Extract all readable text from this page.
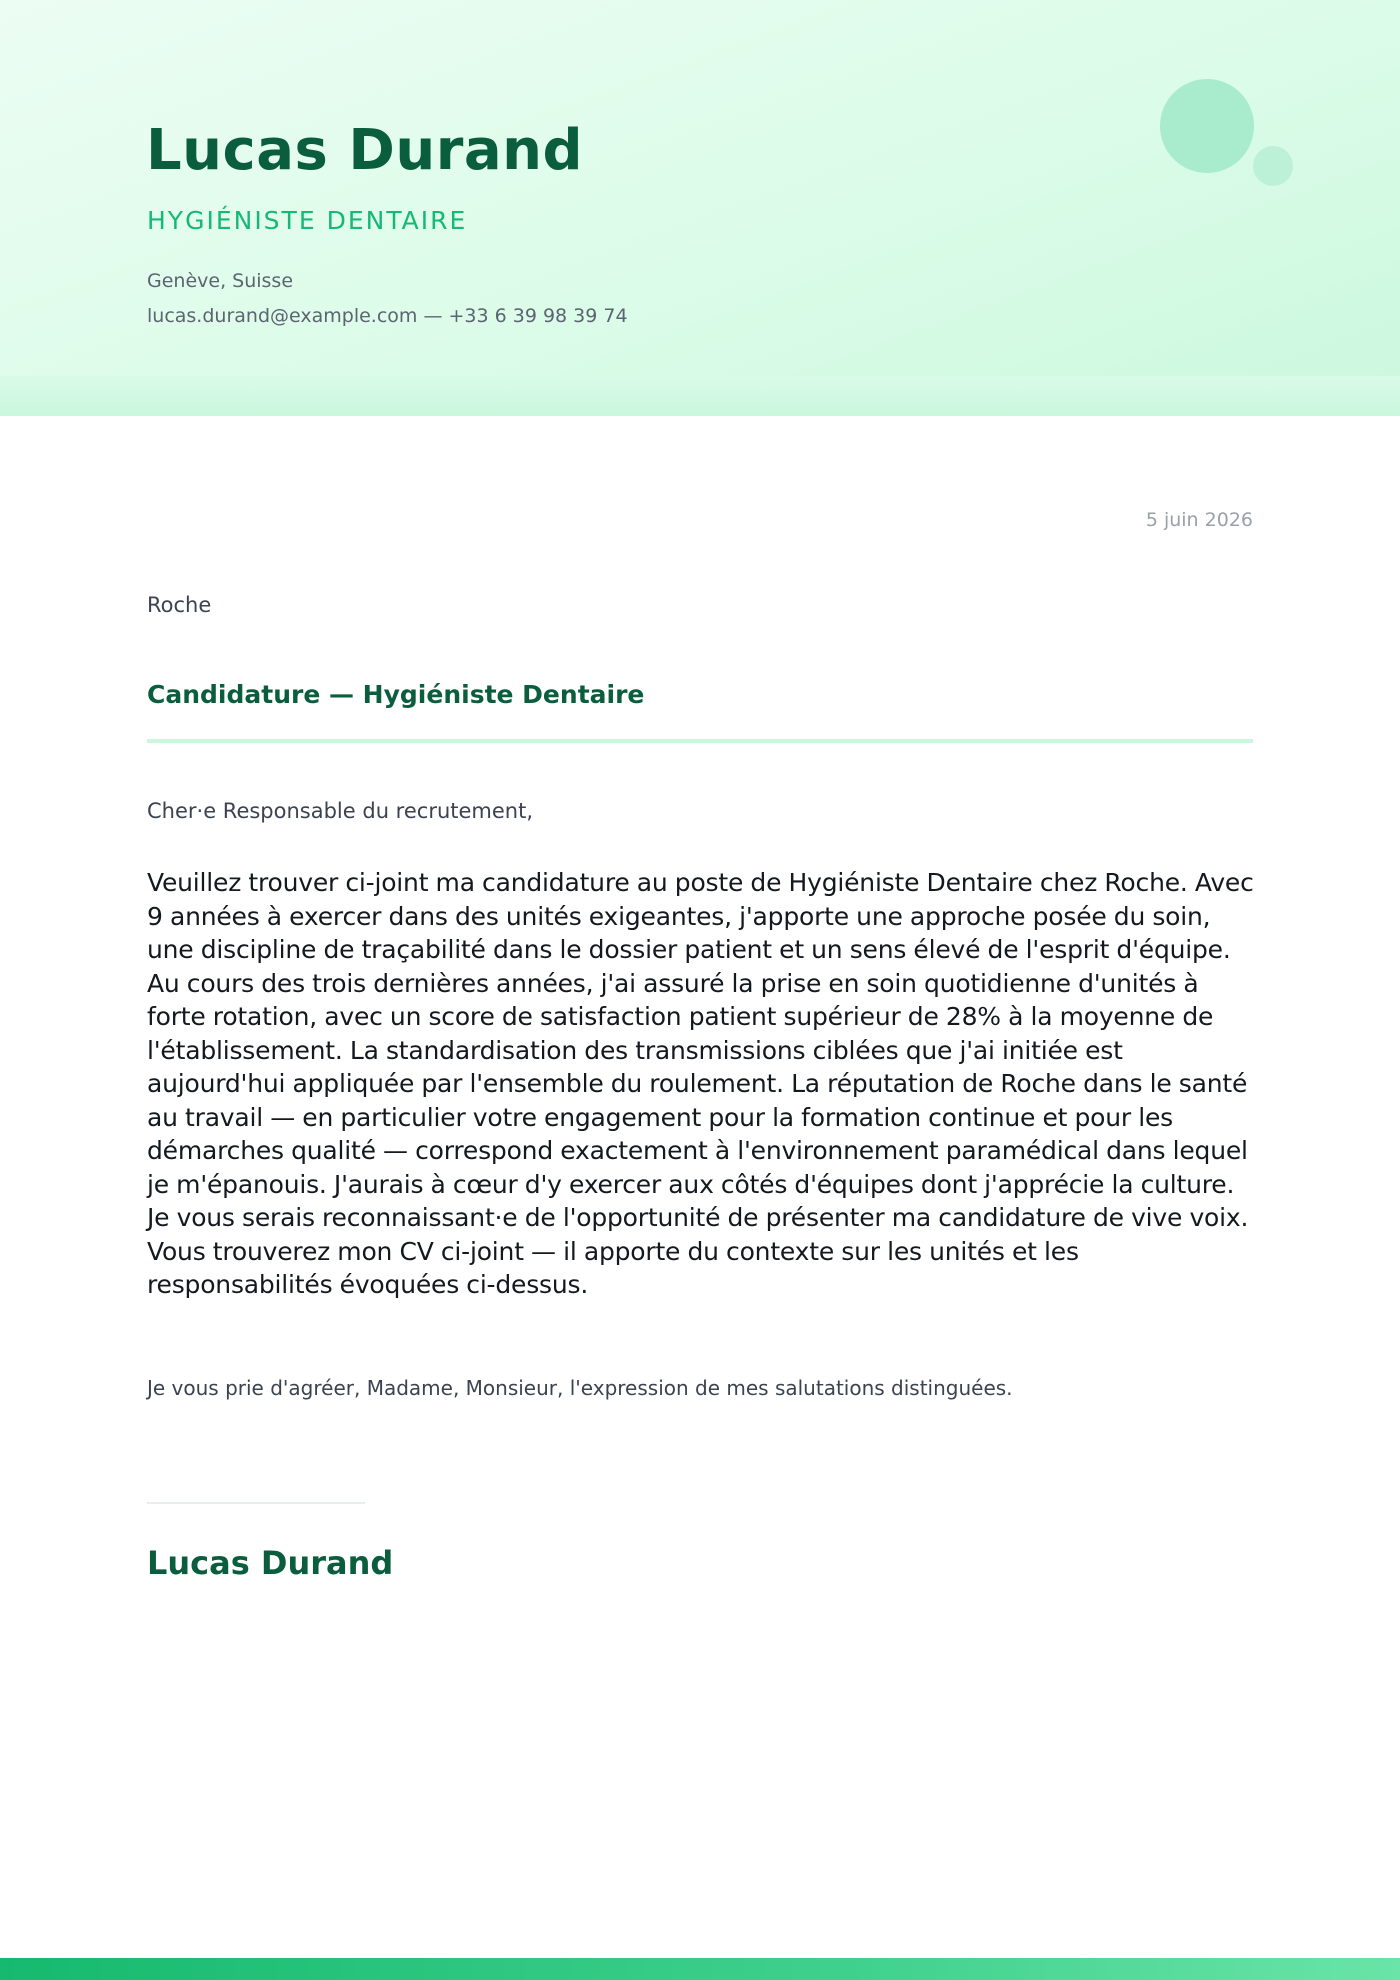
Lucas Durand
HYGIÉNISTE DENTAIRE
Genève, Suisse
lucas.durand@example.com — +33 6 39 98 39 74
5 juin 2026
Roche
Candidature — Hygiéniste Dentaire
Cher·e Responsable du recrutement,

Veuillez trouver ci-joint ma candidature au poste de Hygiéniste Dentaire chez Roche. Avec 9 années à exercer dans des unités exigeantes, j'apporte une approche posée du soin, une discipline de traçabilité dans le dossier patient et un sens élevé de l'esprit d'équipe. Au cours des trois dernières années, j'ai assuré la prise en soin quotidienne d'unités à forte rotation, avec un score de satisfaction patient supérieur de 28% à la moyenne de l'établissement. La standardisation des transmissions ciblées que j'ai initiée est aujourd'hui appliquée par l'ensemble du roulement. La réputation de Roche dans le santé au travail — en particulier votre engagement pour la formation continue et pour les démarches qualité — correspond exactement à l'environnement paramédical dans lequel je m'épanouis. J'aurais à cœur d'y exercer aux côtés d'équipes dont j'apprécie la culture. Je vous serais reconnaissant·e de l'opportunité de présenter ma candidature de vive voix. Vous trouverez mon CV ci-joint — il apporte du contexte sur les unités et les responsabilités évoquées ci-dessus.

Je vous prie d'agréer, Madame, Monsieur, l'expression de mes salutations distinguées.
Lucas Durand
